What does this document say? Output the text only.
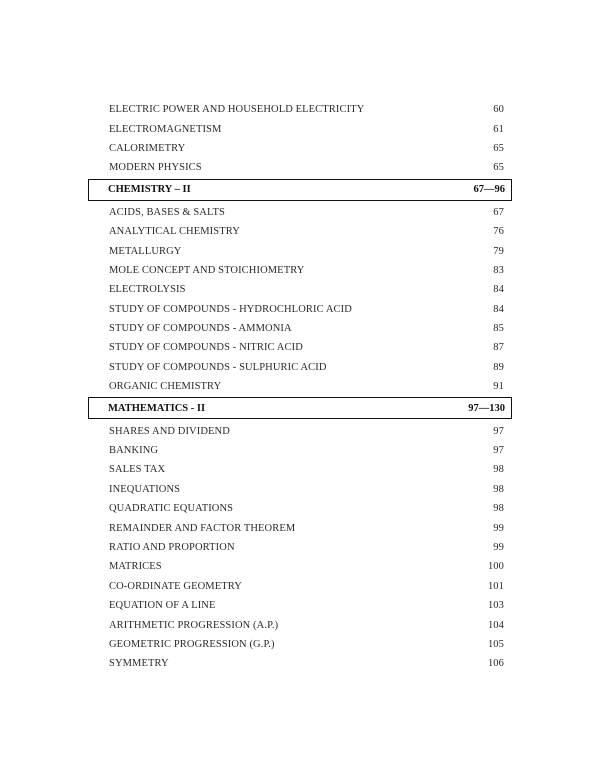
ELECTRIC POWER AND HOUSEHOLD ELECTRICITY	60
ELECTROMAGNETISM	61
CALORIMETRY	65
MODERN PHYSICS	65
CHEMISTRY – II	67—96
ACIDS, BASES & SALTS	67
ANALYTICAL CHEMISTRY	76
METALLURGY	79
MOLE CONCEPT AND STOICHIOMETRY	83
ELECTROLYSIS	84
STUDY OF COMPOUNDS - HYDROCHLORIC ACID	84
STUDY OF COMPOUNDS - AMMONIA	85
STUDY OF COMPOUNDS - NITRIC ACID	87
STUDY OF COMPOUNDS - SULPHURIC ACID	89
ORGANIC CHEMISTRY	91
MATHEMATICS - II	97—130
SHARES AND DIVIDEND	97
BANKING	97
SALES TAX	98
INEQUATIONS	98
QUADRATIC EQUATIONS	98
REMAINDER AND FACTOR THEOREM	99
RATIO AND PROPORTION	99
MATRICES	100
CO-ORDINATE GEOMETRY	101
EQUATION OF A LINE	103
ARITHMETIC PROGRESSION (A.P.)	104
GEOMETRIC PROGRESSION (G.P.)	105
SYMMETRY	106
